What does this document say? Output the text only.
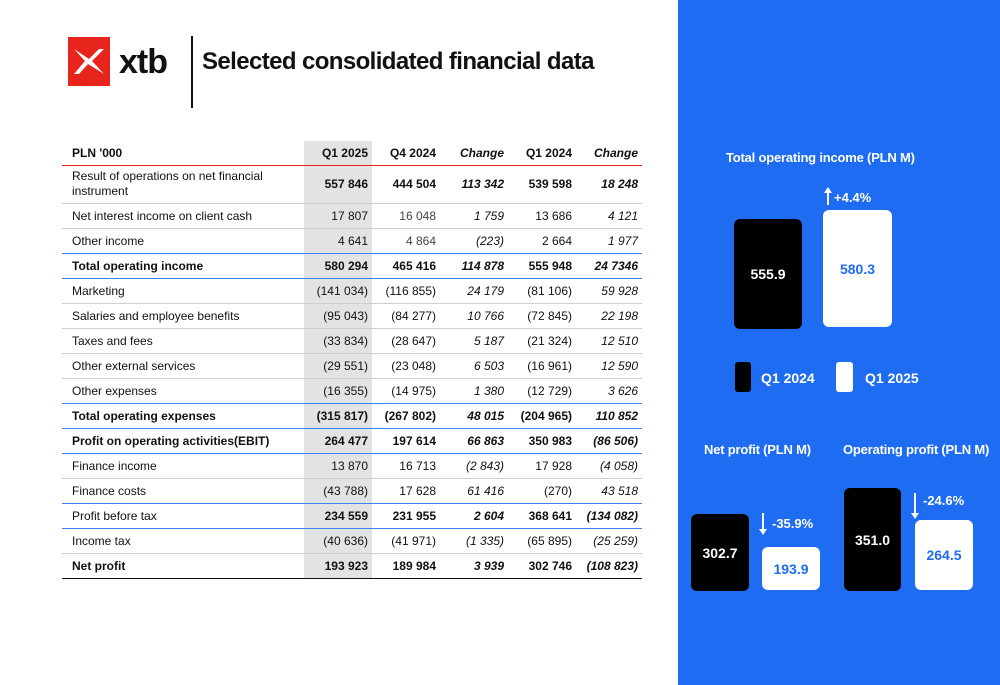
xtb Selected consolidated financial data
PLN '000	Q1 2025	Q4 2024	Change	Q1 2024	Change
Result of operations on net financial instrument	557 846	444 504	113 342	539 598	18 248
Net interest income on client cash	17 807	16 048	1 759	13 686	4 121
Other income	4 641	4 864	(223)	2 664	1 977
Total operating income	580 294	465 416	114 878	555 948	24 7346
Marketing	(141 034)	(116 855)	24 179	(81 106)	59 928
Salaries and employee benefits	(95 043)	(84 277)	10 766	(72 845)	22 198
Taxes and fees	(33 834)	(28 647)	5 187	(21 324)	12 510
Other external services	(29 551)	(23 048)	6 503	(16 961)	12 590
Other expenses	(16 355)	(14 975)	1 380	(12 729)	3 626
Total operating expenses	(315 817)	(267 802)	48 015	(204 965)	110 852
Profit on operating activities(EBIT)	264 477	197 614	66 863	350 983	(86 506)
Finance income	13 870	16 713	(2 843)	17 928	(4 058)
Finance costs	(43 788)	17 628	61 416	(270)	43 518
Profit before tax	234 559	231 955	2 604	368 641	(134 082)
Income tax	(40 636)	(41 971)	(1 335)	(65 895)	(25 259)
Net profit	193 923	189 984	3 939	302 746	(108 823)
Total operating income (PLN M)
555.9
+4.4%
580.3
Q1 2024	Q1 2025
Net profit (PLN M)
302.7
-35.9%
193.9
Operating profit (PLN M)
351.0
-24.6%
264.5
